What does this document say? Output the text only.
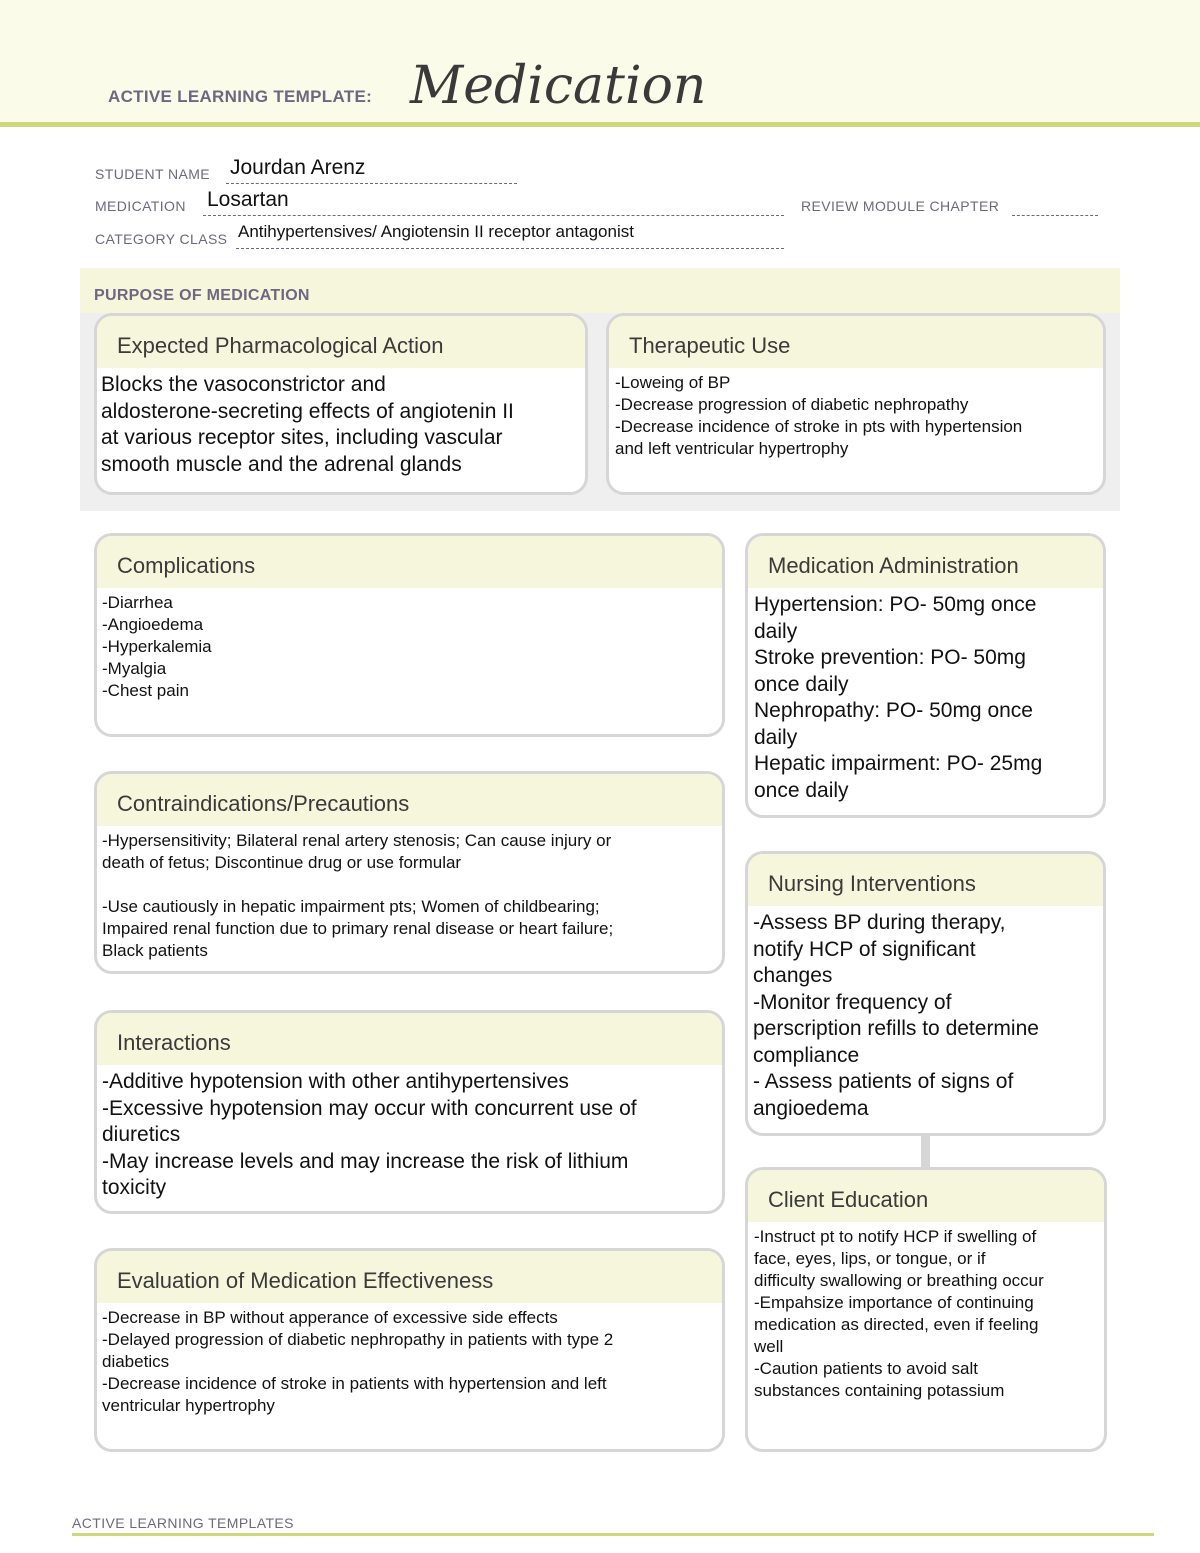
ACTIVE LEARNING TEMPLATE: Medication
STUDENT NAME Jourdan Arenz
MEDICATION Losartan	REVIEW MODULE CHAPTER
CATEGORY CLASS Antihypertensives/ Angiotensin II receptor antagonist
PURPOSE OF MEDICATION
Expected Pharmacological Action
Blocks the vasoconstrictor and
aldosterone-secreting effects of angiotenin II
at various receptor sites, including vascular
smooth muscle and the adrenal glands
Therapeutic Use
-Loweing of BP
-Decrease progression of diabetic nephropathy
-Decrease incidence of stroke in pts with hypertension
and left ventricular hypertrophy
Complications
-Diarrhea
-Angioedema
-Hyperkalemia
-Myalgia
-Chest pain
Contraindications/Precautions
-Hypersensitivity; Bilateral renal artery stenosis; Can cause injury or
death of fetus; Discontinue drug or use formular
-Use cautiously in hepatic impairment pts; Women of childbearing;
Impaired renal function due to primary renal disease or heart failure;
Black patients
Interactions
-Additive hypotension with other antihypertensives
-Excessive hypotension may occur with concurrent use of
diuretics
-May increase levels and may increase the risk of lithium
toxicity
Evaluation of Medication Effectiveness
-Decrease in BP without apperance of excessive side effects
-Delayed progression of diabetic nephropathy in patients with type 2
diabetics
-Decrease incidence of stroke in patients with hypertension and left
ventricular hypertrophy
Medication Administration
Hypertension: PO- 50mg once
daily
Stroke prevention: PO- 50mg
once daily
Nephropathy: PO- 50mg once
daily
Hepatic impairment: PO- 25mg
once daily
Nursing Interventions
-Assess BP during therapy,
notify HCP of significant
changes
-Monitor frequency of
perscription refills to determine
compliance
- Assess patients of signs of
angioedema
Client Education
-Instruct pt to notify HCP if swelling of
face, eyes, lips, or tongue, or if
difficulty swallowing or breathing occur
-Empahsize importance of continuing
medication as directed, even if feeling
well
-Caution patients to avoid salt
substances containing potassium
ACTIVE LEARNING TEMPLATES
